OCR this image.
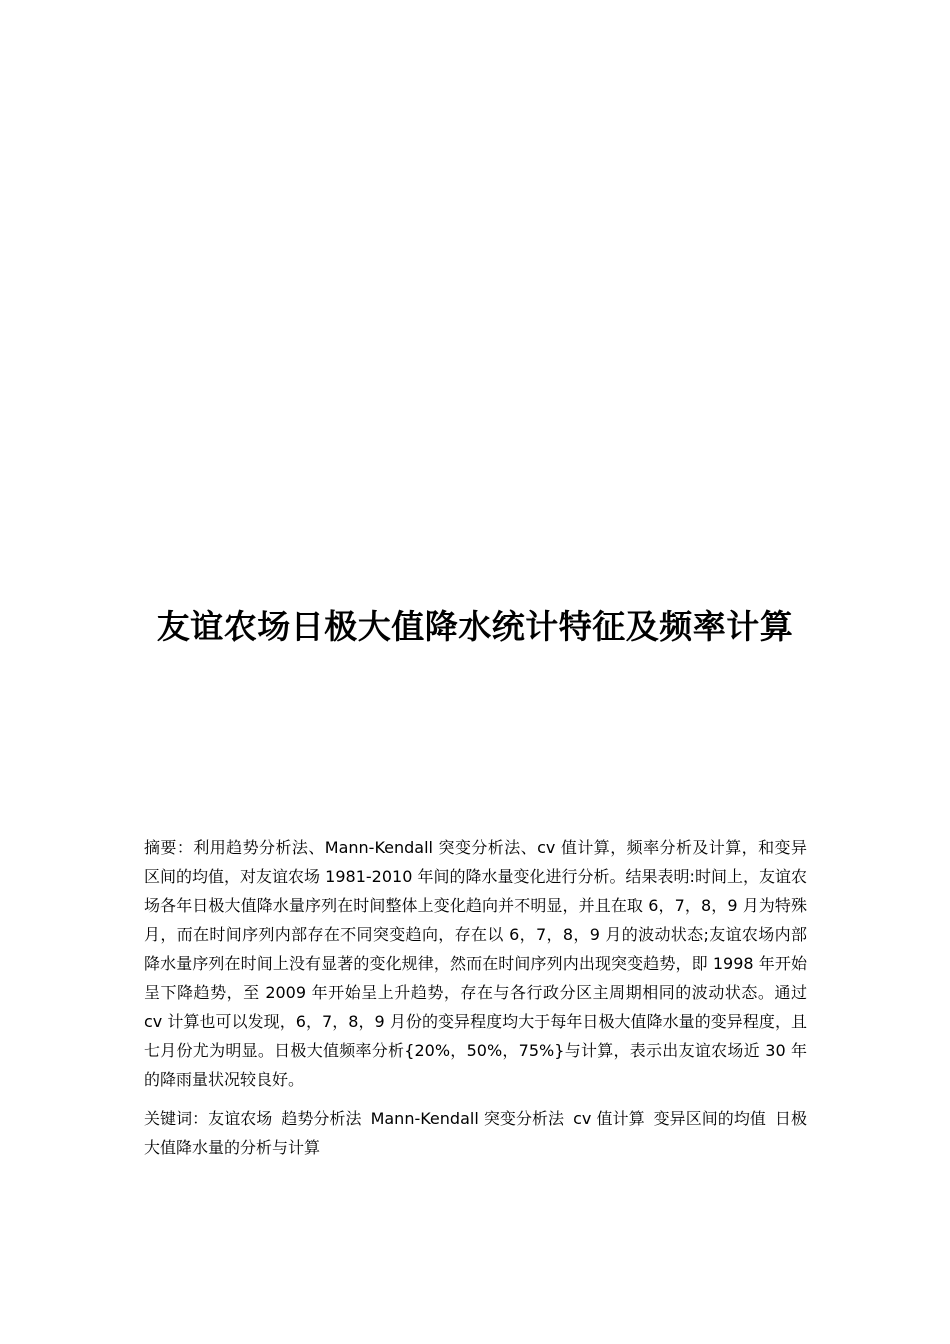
友谊农场日极大值降水统计特征及频率计算

摘要：利用趋势分析法、Mann-Kendall 突变分析法、cv 值计算，频率分析及计算，和变异区间的均值，对友谊农场 1981-2010 年间的降水量变化进行分析。结果表明:时间上，友谊农场各年日极大值降水量序列在时间整体上变化趋向并不明显，并且在取 6，7，8，9 月为特殊月，而在时间序列内部存在不同突变趋向，存在以 6，7，8，9 月的波动状态;友谊农场内部降水量序列在时间上没有显著的变化规律，然而在时间序列内出现突变趋势，即 1998 年开始呈下降趋势，至 2009 年开始呈上升趋势，存在与各行政分区主周期相同的波动状态。通过 cv 计算也可以发现，6，7，8，9 月份的变异程度均大于每年日极大值降水量的变异程度，且七月份尤为明显。日极大值频率分析{20%，50%，75%}与计算，表示出友谊农场近 30 年的降雨量状况较良好。

关键词：友谊农场 趋势分析法 Mann-Kendall 突变分析法 cv 值计算 变异区间的均值 日极大值降水量的分析与计算
